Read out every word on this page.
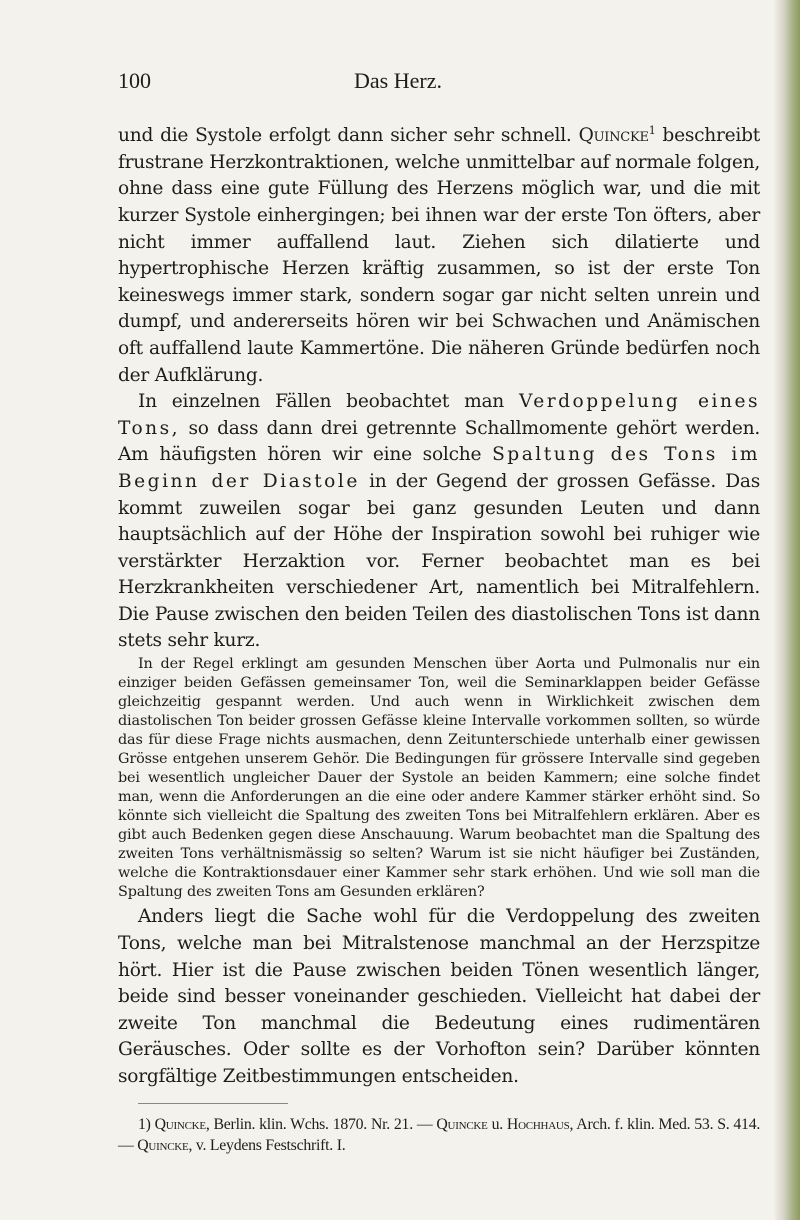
100	Das Herz.

und die Systole erfolgt dann sicher sehr schnell. Quincke$^1$ beschreibt frustrane Herzkontraktionen, welche unmittelbar auf normale folgen, ohne dass eine gute Füllung des Herzens möglich war, und die mit kurzer Systole einhergingen; bei ihnen war der erste Ton öfters, aber nicht immer auffallend laut. Ziehen sich dilatierte und hypertrophische Herzen kräftig zusammen, so ist der erste Ton keineswegs immer stark, sondern sogar gar nicht selten unrein und dumpf, und andererseits hören wir bei Schwachen und Anämischen oft auffallend laute Kammertöne. Die näheren Gründe bedürfen noch der Aufklärung.

In einzelnen Fällen beobachtet man Verdoppelung eines Tons, so dass dann drei getrennte Schallmomente gehört werden. Am häufigsten hören wir eine solche Spaltung des Tons im Beginn der Diastole in der Gegend der grossen Gefässe. Das kommt zuweilen sogar bei ganz gesunden Leuten und dann hauptsächlich auf der Höhe der Inspiration sowohl bei ruhiger wie verstärkter Herzaktion vor. Ferner beobachtet man es bei Herzkrankheiten verschiedener Art, namentlich bei Mitralfehlern. Die Pause zwischen den beiden Teilen des diastolischen Tons ist dann stets sehr kurz.

In der Regel erklingt am gesunden Menschen über Aorta und Pulmonalis nur ein einziger beiden Gefässen gemeinsamer Ton, weil die Seminarklappen beider Gefässe gleichzeitig gespannt werden. Und auch wenn in Wirklichkeit zwischen dem diastolischen Ton beider grossen Gefässe kleine Intervalle vorkommen sollten, so würde das für diese Frage nichts ausmachen, denn Zeitunterschiede unterhalb einer gewissen Grösse entgehen unserem Gehör. Die Bedingungen für grössere Intervalle sind gegeben bei wesentlich ungleicher Dauer der Systole an beiden Kammern; eine solche findet man, wenn die Anforderungen an die eine oder andere Kammer stärker erhöht sind. So könnte sich vielleicht die Spaltung des zweiten Tons bei Mitralfehlern erklären. Aber es gibt auch Bedenken gegen diese Anschauung. Warum beobachtet man die Spaltung des zweiten Tons verhältnismässig so selten? Warum ist sie nicht häufiger bei Zuständen, welche die Kontraktionsdauer einer Kammer sehr stark erhöhen. Und wie soll man die Spaltung des zweiten Tons am Gesunden erklären?

Anders liegt die Sache wohl für die Verdoppelung des zweiten Tons, welche man bei Mitralstenose manchmal an der Herzspitze hört. Hier ist die Pause zwischen beiden Tönen wesentlich länger, beide sind besser voneinander geschieden. Vielleicht hat dabei der zweite Ton manchmal die Bedeutung eines rudimentären Geräusches. Oder sollte es der Vorhofton sein? Darüber könnten sorgfältige Zeitbestimmungen entscheiden.

1) Quincke, Berlin. klin. Wchs. 1870. Nr. 21. — Quincke u. Hochhaus, Arch. f. klin. Med. 53. S. 414. — Quincke, v. Leydens Festschrift. I.
